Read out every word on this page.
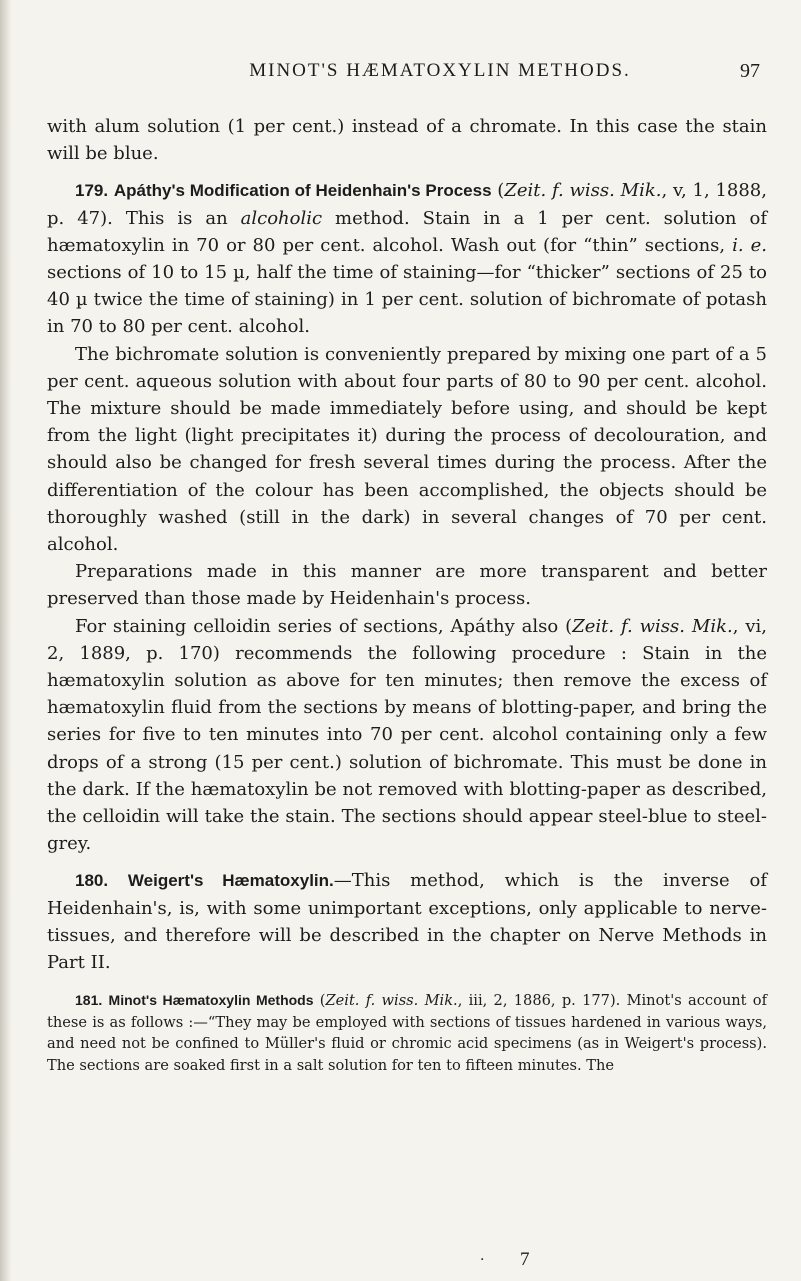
MINOT'S HÆMATOXYLIN METHODS.	97

with alum solution (1 per cent.) instead of a chromate. In this case the stain will be blue.

179. Apáthy's Modification of Heidenhain's Process (Zeit. f. wiss. Mik., v, 1, 1888, p. 47). This is an alcoholic method. Stain in a 1 per cent. solution of hæmatoxylin in 70 or 80 per cent. alcohol. Wash out (for “thin” sections, i. e. sections of 10 to 15 µ, half the time of staining—for “thicker” sections of 25 to 40 µ twice the time of staining) in 1 per cent. solution of bichromate of potash in 70 to 80 per cent. alcohol.

The bichromate solution is conveniently prepared by mixing one part of a 5 per cent. aqueous solution with about four parts of 80 to 90 per cent. alcohol. The mixture should be made immediately before using, and should be kept from the light (light precipitates it) during the process of decolouration, and should also be changed for fresh several times during the process. After the differentiation of the colour has been accomplished, the objects should be thoroughly washed (still in the dark) in several changes of 70 per cent. alcohol.

Preparations made in this manner are more transparent and better preserved than those made by Heidenhain's process.

For staining celloidin series of sections, Apáthy also (Zeit. f. wiss. Mik., vi, 2, 1889, p. 170) recommends the following procedure : Stain in the hæmatoxylin solution as above for ten minutes; then remove the excess of hæmatoxylin fluid from the sections by means of blotting-paper, and bring the series for five to ten minutes into 70 per cent. alcohol containing only a few drops of a strong (15 per cent.) solution of bichromate. This must be done in the dark. If the hæmatoxylin be not removed with blotting-paper as described, the celloidin will take the stain. The sections should appear steel-blue to steel-grey.

180. Weigert's Hæmatoxylin.—This method, which is the inverse of Heidenhain's, is, with some unimportant exceptions, only applicable to nerve-tissues, and therefore will be described in the chapter on Nerve Methods in Part II.

181. Minot's Hæmatoxylin Methods (Zeit. f. wiss. Mik., iii, 2, 1886, p. 177). Minot's account of these is as follows :—“They may be employed with sections of tissues hardened in various ways, and need not be confined to Müller's fluid or chromic acid specimens (as in Weigert's process). The sections are soaked first in a salt solution for ten to fifteen minutes. The

· 7
